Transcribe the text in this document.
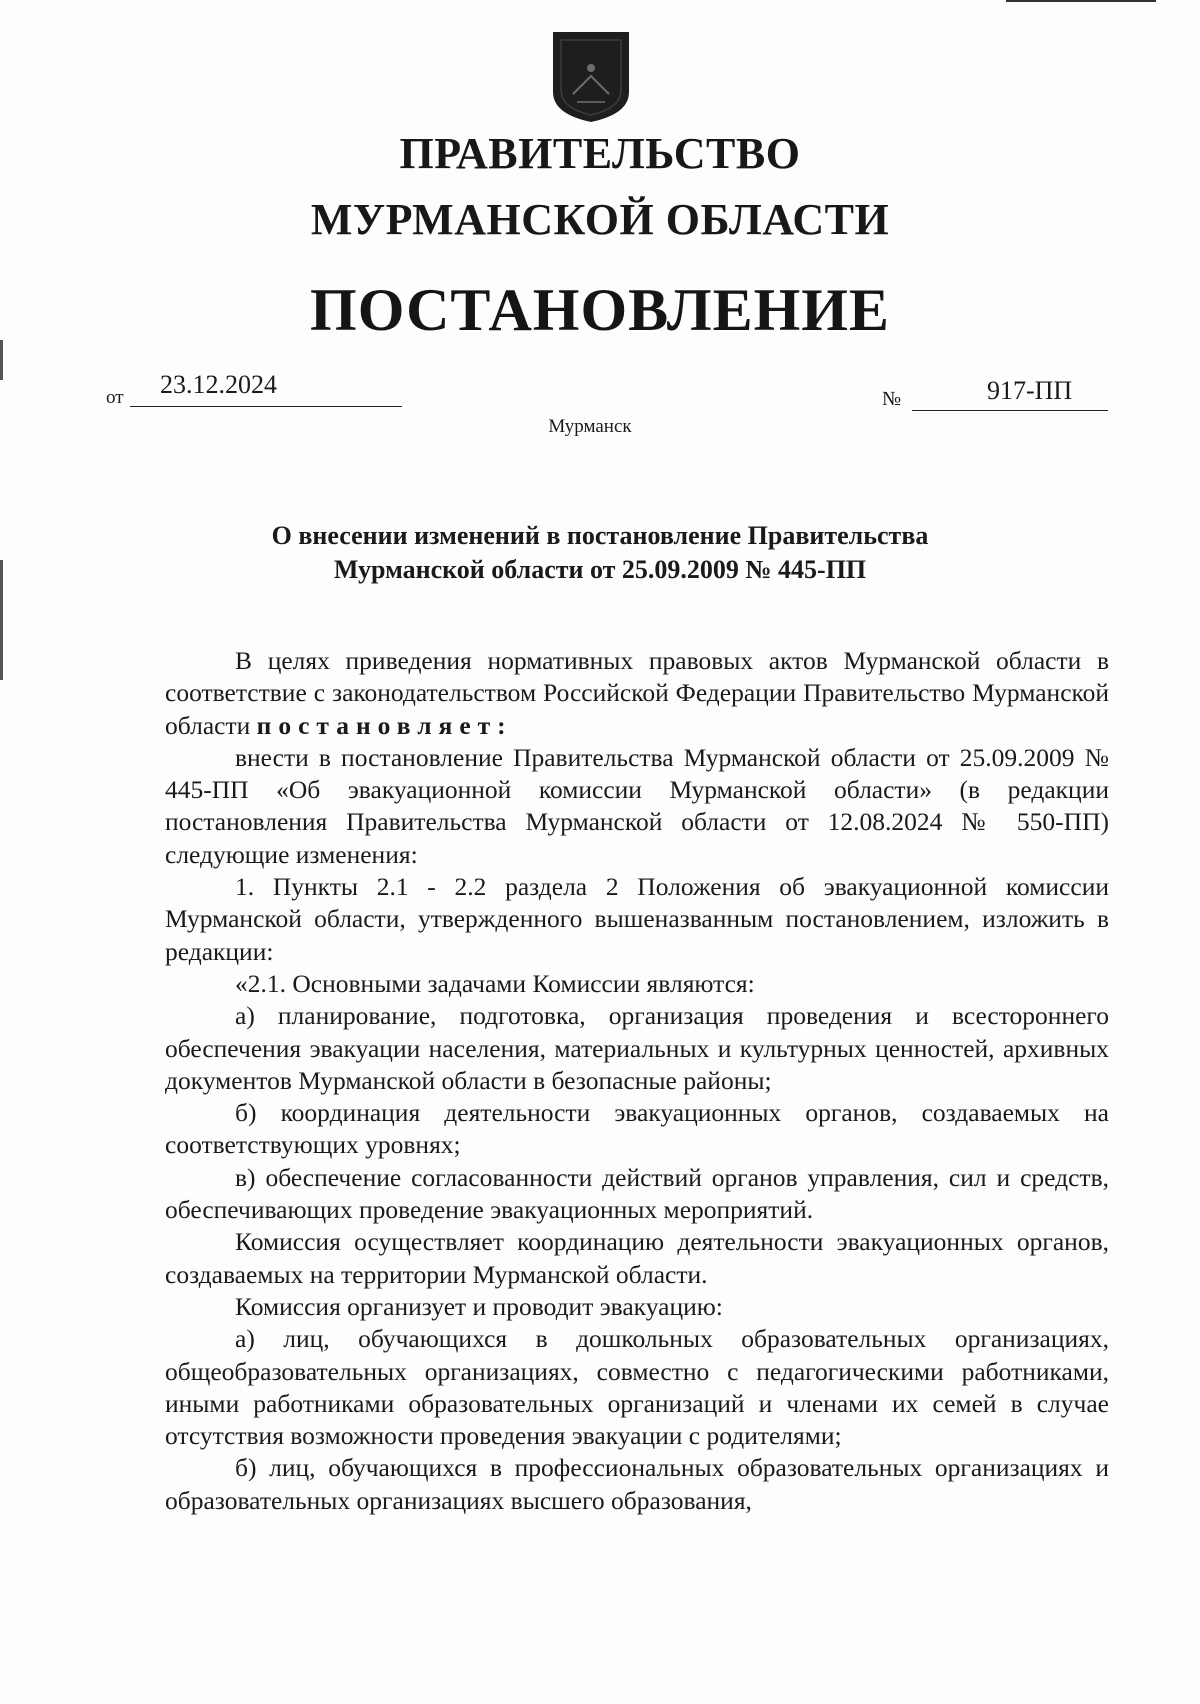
ПРАВИТЕЛЬСТВО
МУРМАНСКОЙ ОБЛАСТИ
ПОСТАНОВЛЕНИЕ
от 23.12.2024	№	917-ПП
Мурманск
О внесении изменений в постановление Правительства
Мурманской области от 25.09.2009 № 445-ПП

В целях приведения нормативных правовых актов Мурманской области в соответствие с законодательством Российской Федерации Правительство Мурманской области постановляет:

внести в постановление Правительства Мурманской области от 25.09.2009 № 445-ПП «Об эвакуационной комиссии Мурманской области» (в редакции постановления Правительства Мурманской области от 12.08.2024 № 550-ПП) следующие изменения:

1. Пункты 2.1 - 2.2 раздела 2 Положения об эвакуационной комиссии Мурманской области, утвержденного вышеназванным постановлением, изложить в редакции:

«2.1. Основными задачами Комиссии являются:

а) планирование, подготовка, организация проведения и всестороннего обеспечения эвакуации населения, материальных и культурных ценностей, архивных документов Мурманской области в безопасные районы;

б) координация деятельности эвакуационных органов, создаваемых на соответствующих уровнях;

в) обеспечение согласованности действий органов управления, сил и средств, обеспечивающих проведение эвакуационных мероприятий.

Комиссия осуществляет координацию деятельности эвакуационных органов, создаваемых на территории Мурманской области.

Комиссия организует и проводит эвакуацию:

а) лиц, обучающихся в дошкольных образовательных организациях, общеобразовательных организациях, совместно с педагогическими работниками, иными работниками образовательных организаций и членами их семей в случае отсутствия возможности проведения эвакуации с родителями;

б) лиц, обучающихся в профессиональных образовательных организациях и образовательных организациях высшего образования,
